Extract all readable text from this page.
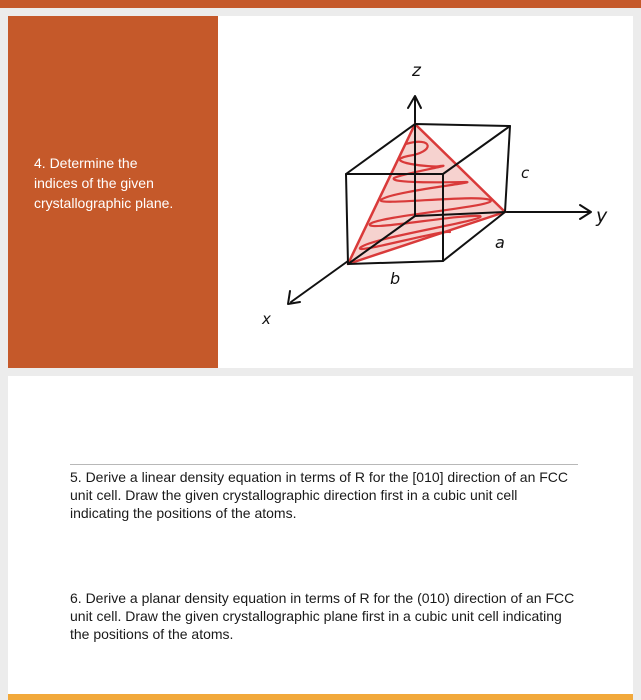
4. Determine the indices of the given crystallographic plane.
z
y
x
a
b
c
5. Derive a linear density equation in terms of R for the [010] direction of an FCC unit cell. Draw the given crystallographic direction first in a cubic unit cell indicating the positions of the atoms.
6. Derive a planar density equation in terms of R for the (010) direction of an FCC unit cell. Draw the given crystallographic plane first in a cubic unit cell indicating the positions of the atoms.
